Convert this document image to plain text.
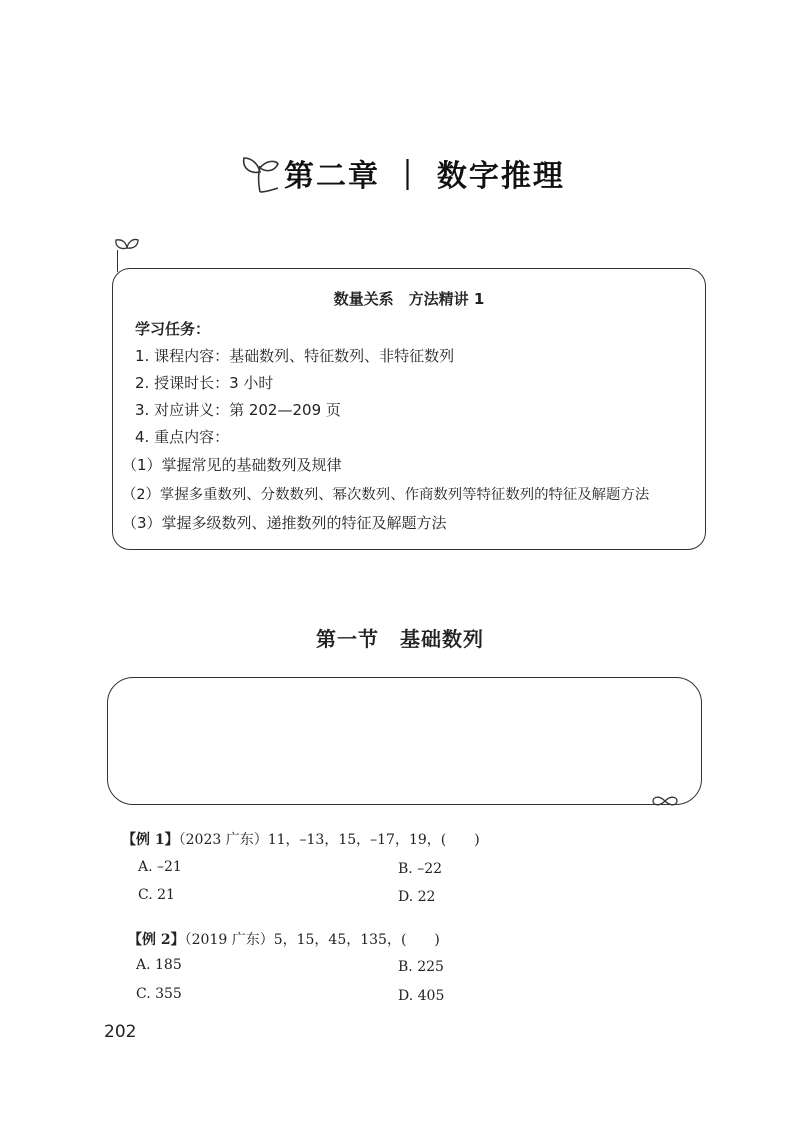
第二章 ｜ 数字推理
数量关系　方法精讲 1
学习任务：
1. 课程内容：基础数列、特征数列、非特征数列
2. 授课时长：3 小时
3. 对应讲义：第 202—209 页
4. 重点内容：
（1）掌握常见的基础数列及规律
（2）掌握多重数列、分数数列、幂次数列、作商数列等特征数列的特征及解题方法
（3）掌握多级数列、递推数列的特征及解题方法
第一节　基础数列
【例 1】（2023 广东）11，–13，15，–17，19，(　　)
A. –21	B. –22
C. 21	D. 22
【例 2】（2019 广东）5，15，45，135，(　　)
A. 185	B. 225
C. 355	D. 405
202
